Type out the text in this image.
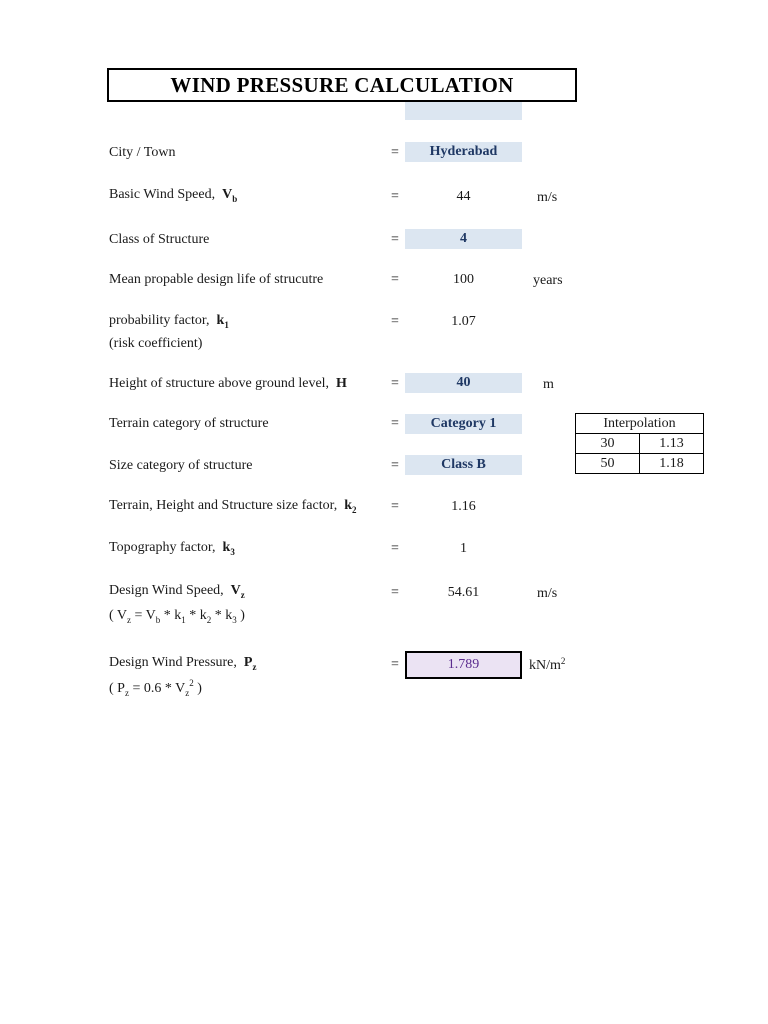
WIND PRESSURE CALCULATION
City / Town	=	Hyderabad
Basic Wind Speed, $V_b$	=	44	m/s
Class of Structure	=	4
Mean propable design life of strucutre	=	100	years
probability factor, $k_1$
(risk coefficient)
=	1.07
Height of structure above ground level, H	=	40	m
Terrain category of structure	=	Category 1
Size category of structure	=	Class B
Terrain, Height and Structure size factor, $k_2$ =	1.16
Topography factor, $k_3$	=	1
Design Wind Speed, $V_z$
( $V_z = V_b * k_1 * k_2 * k_3$ )
=	54.61	m/s
Design Wind Pressure, $P_z$
( $P_z = 0.6 * V_z^2$ )
=	1.789	$kN/m^2$
Interpolation	
30	1.13
50	1.18
